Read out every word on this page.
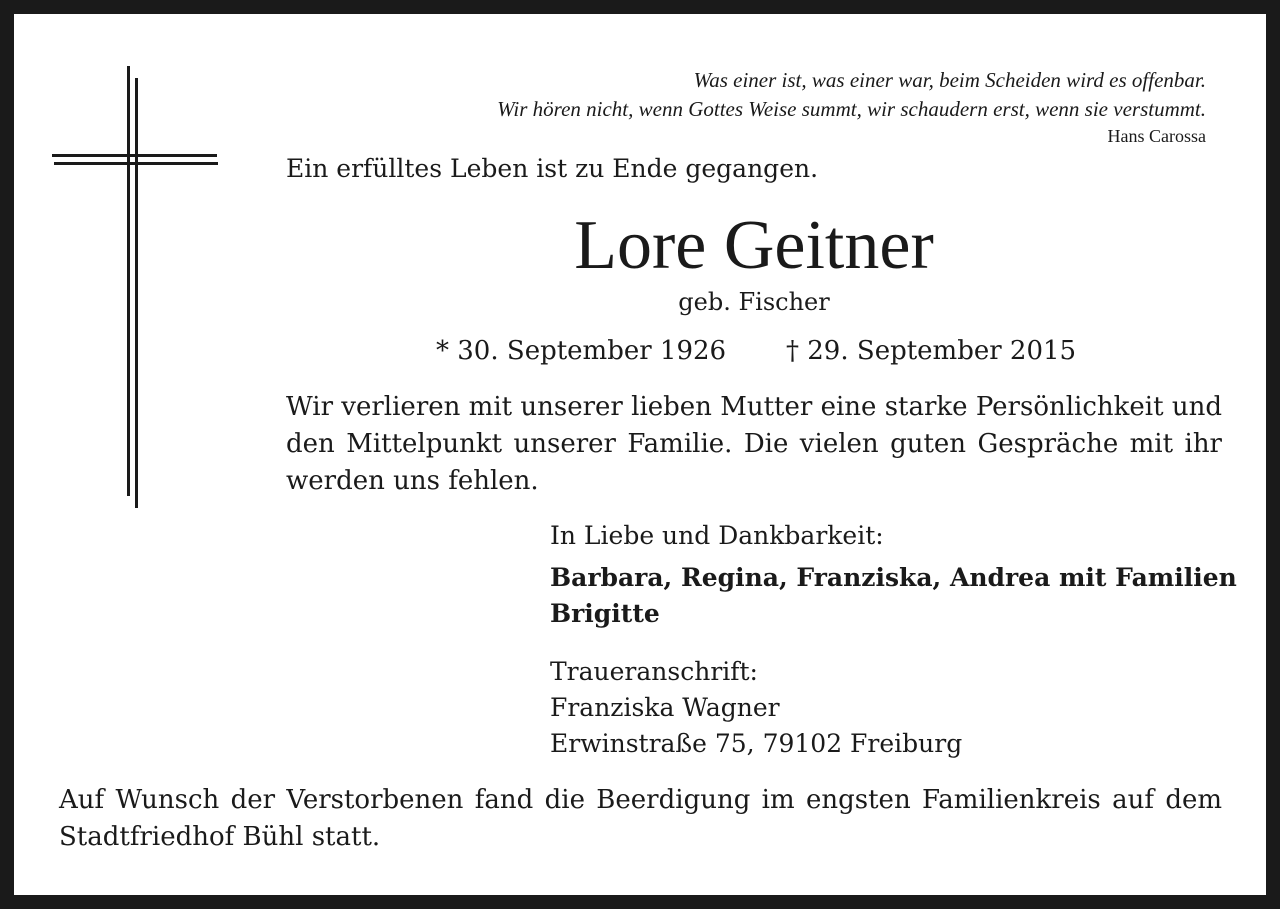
Was einer ist, was einer war, beim Scheiden wird es offenbar.
Wir hören nicht, wenn Gottes Weise summt, wir schaudern erst, wenn sie verstummt.
Hans Carossa
Ein erfülltes Leben ist zu Ende gegangen.
Lore Geitner
geb. Fischer
* 30. September 1926 † 29. September 2015
Wir verlieren mit unserer lieben Mutter eine starke Persönlichkeit und
den Mittelpunkt unserer Familie. Die vielen guten Gespräche mit ihr
werden uns fehlen.
In Liebe und Dankbarkeit:
Barbara, Regina, Franziska, Andrea mit Familien
Brigitte
Traueranschrift:
Franziska Wagner
Erwinstraße 75, 79102 Freiburg
Auf Wunsch der Verstorbenen fand die Beerdigung im engsten Familienkreis auf dem
Stadtfriedhof Bühl statt.
